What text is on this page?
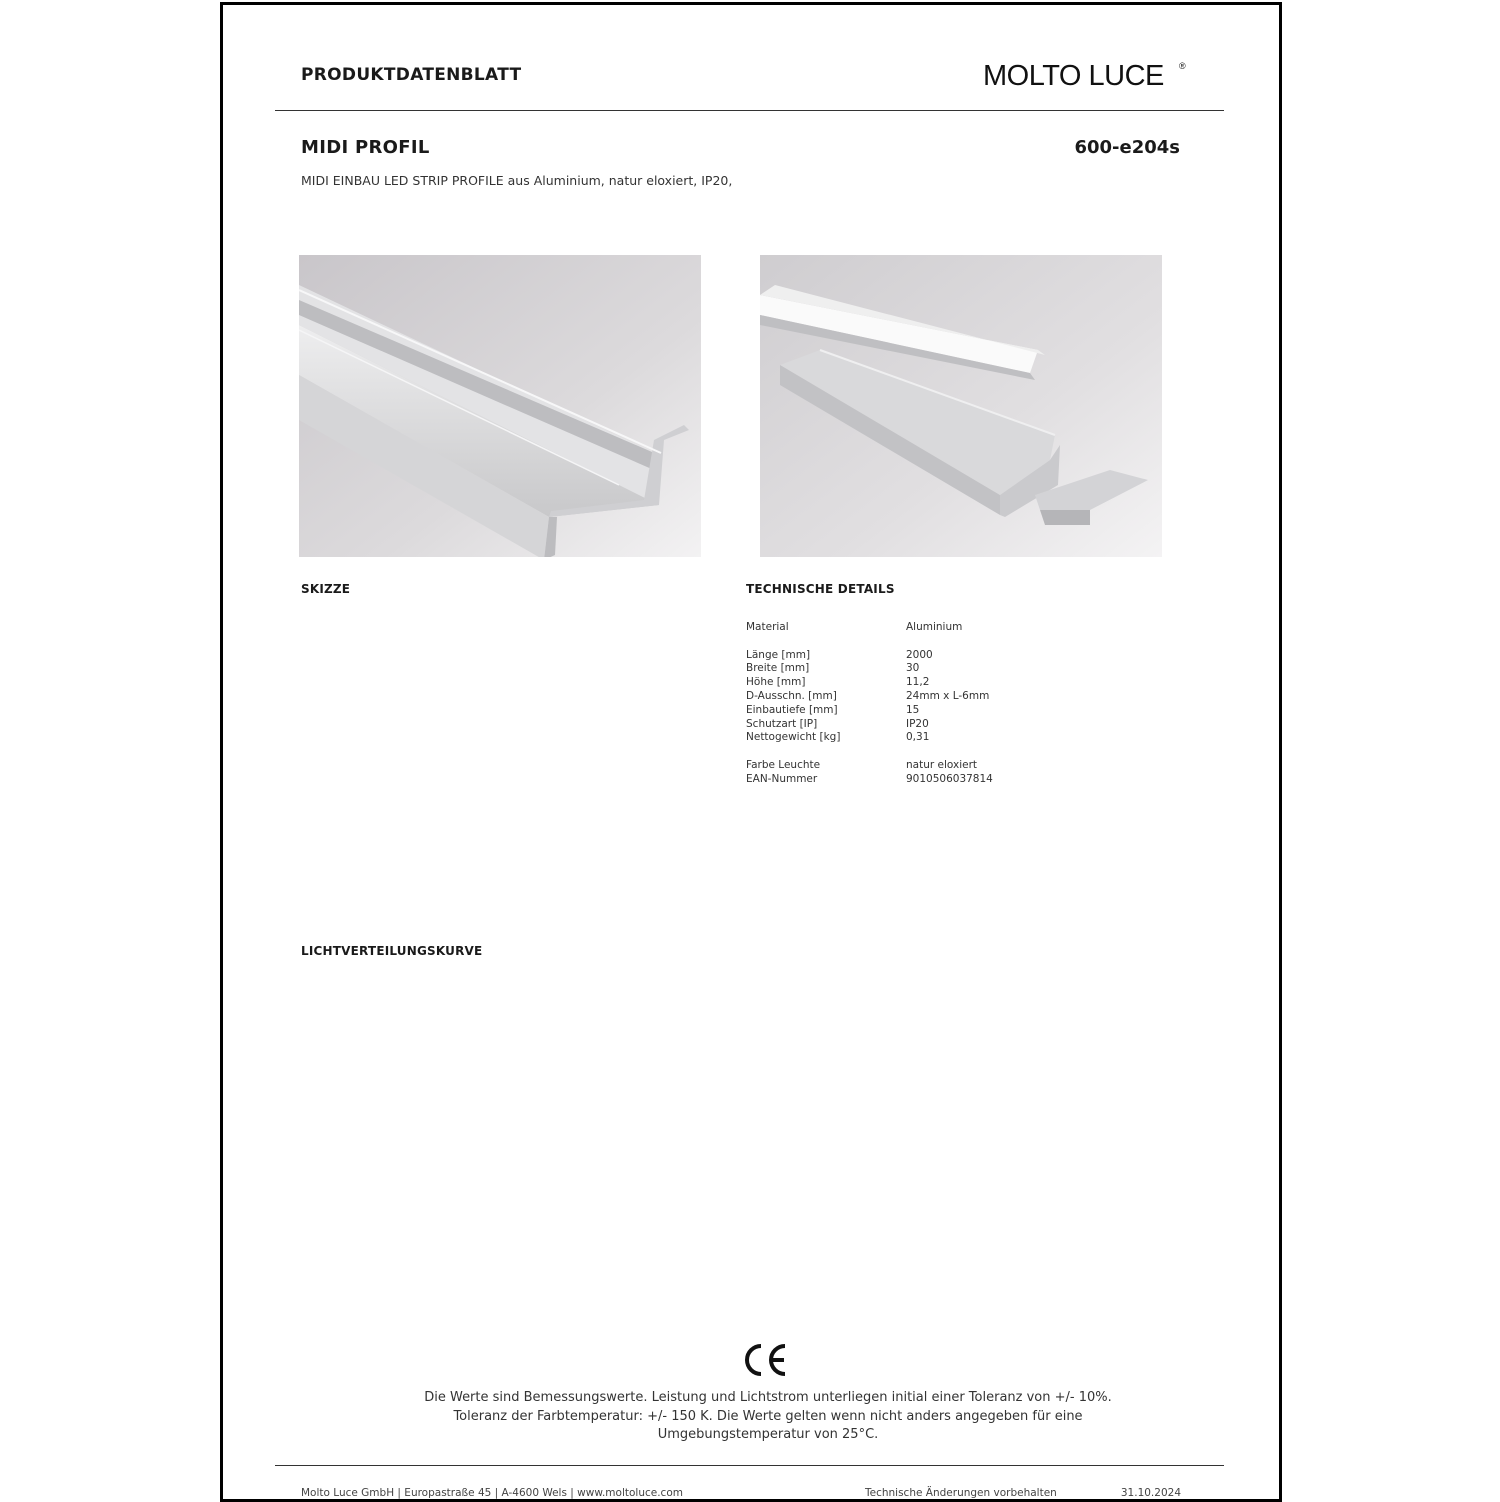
PRODUKTDATENBLATT	MOLTO LUCE ®
MIDI PROFIL	600-e204s
MIDI EINBAU LED STRIP PROFILE aus Aluminium, natur eloxiert, IP20,
SKIZZE	TECHNISCHE DETAILS
Material	Aluminium
Länge [mm]	2000
Breite [mm]	30
Höhe [mm]	11,2
D-Ausschn. [mm]	24mm x L-6mm
Einbautiefe [mm]	15
Schutzart [IP]	IP20
Nettogewicht [kg]	0,31
Farbe Leuchte	natur eloxiert
EAN-Nummer	9010506037814
LICHTVERTEILUNGSKURVE
Die Werte sind Bemessungswerte. Leistung und Lichtstrom unterliegen initial einer Toleranz von +/- 10%.
Toleranz der Farbtemperatur: +/- 150 K. Die Werte gelten wenn nicht anders angegeben für eine
Umgebungstemperatur von 25°C.
Molto Luce GmbH | Europastraße 45 | A-4600 Wels | www.moltoluce.com	Technische Änderungen vorbehalten	31.10.2024
